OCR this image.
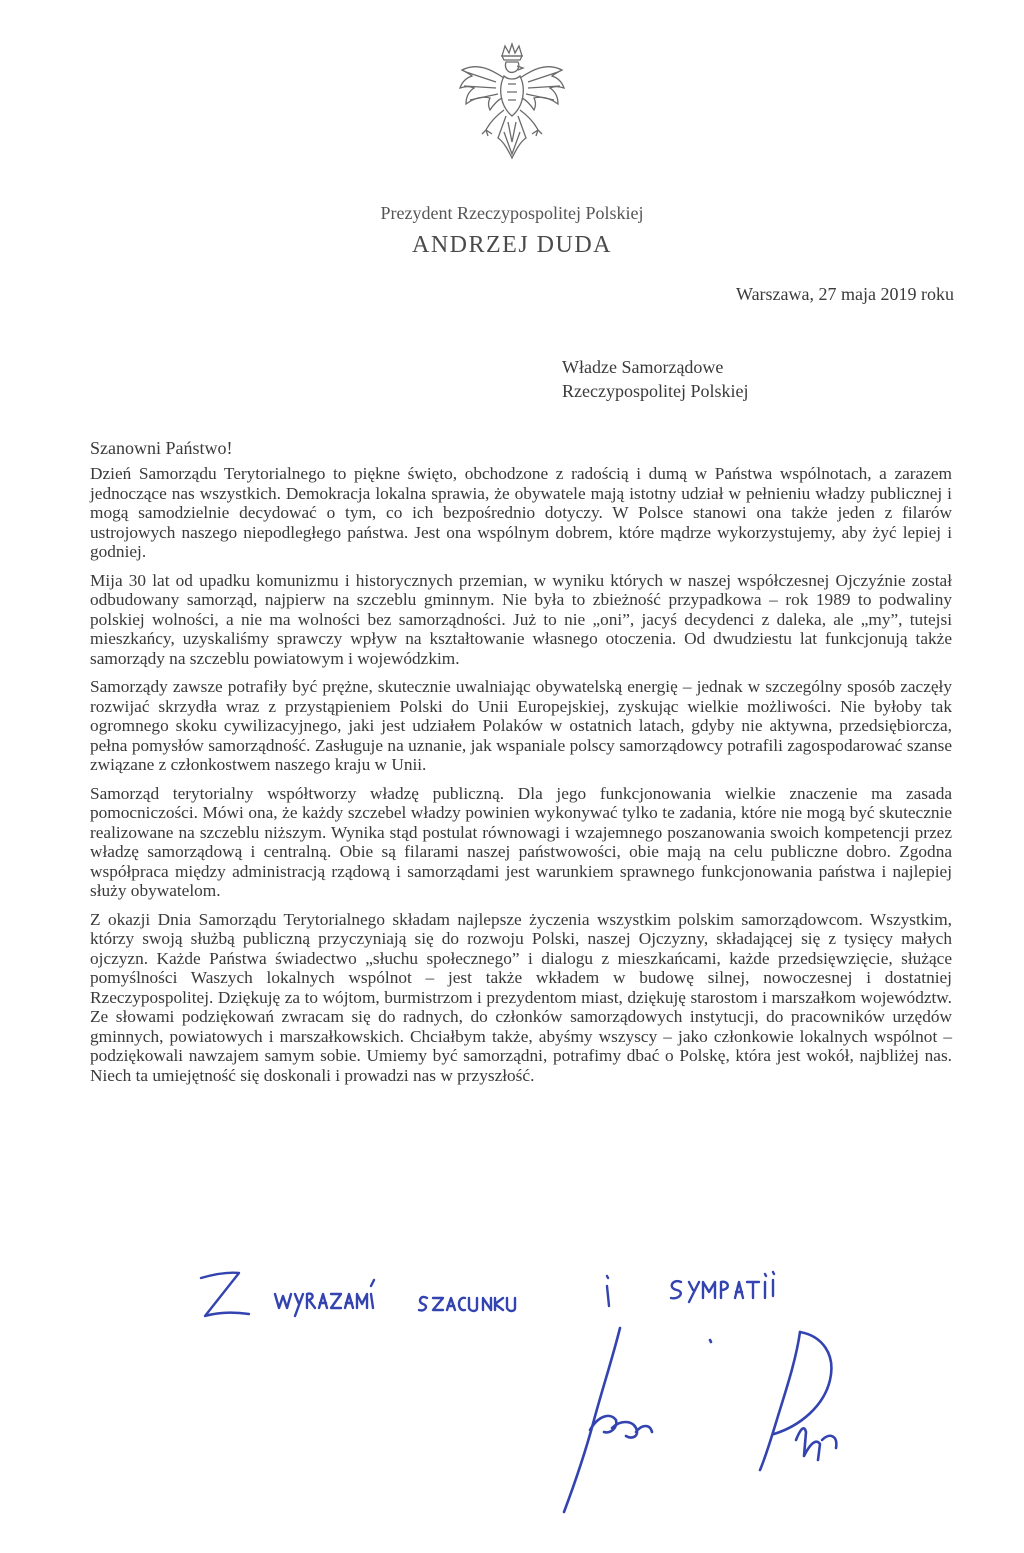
Prezydent Rzeczypospolitej Polskiej
ANDRZEJ DUDA
Warszawa, 27 maja 2019 roku
Władze Samorządowe
Rzeczypospolitej Polskiej
Szanowni Państwo!

Dzień Samorządu Terytorialnego to piękne święto, obchodzone z radością i dumą w Państwa wspólnotach, a zarazem jednoczące nas wszystkich. Demokracja lokalna sprawia, że obywatele mają istotny udział w pełnieniu władzy publicznej i mogą samodzielnie decydować o tym, co ich bezpośrednio dotyczy. W Polsce stanowi ona także jeden z filarów ustrojowych naszego niepodległego państwa. Jest ona wspólnym dobrem, które mądrze wykorzystujemy, aby żyć lepiej i godniej.

Mija 30 lat od upadku komunizmu i historycznych przemian, w wyniku których w naszej współczesnej Ojczyźnie został odbudowany samorząd, najpierw na szczeblu gminnym. Nie była to zbieżność przypadkowa – rok 1989 to podwaliny polskiej wolności, a nie ma wolności bez samorządności. Już to nie „oni”, jacyś decydenci z daleka, ale „my”, tutejsi mieszkańcy, uzyskaliśmy sprawczy wpływ na kształtowanie własnego otoczenia. Od dwudziestu lat funkcjonują także samorządy na szczeblu powiatowym i wojewódzkim.

Samorządy zawsze potrafiły być prężne, skutecznie uwalniając obywatelską energię – jednak w szczególny sposób zaczęły rozwijać skrzydła wraz z przystąpieniem Polski do Unii Europejskiej, zyskując wielkie możliwości. Nie byłoby tak ogromnego skoku cywilizacyjnego, jaki jest udziałem Polaków w ostatnich latach, gdyby nie aktywna, przedsiębiorcza, pełna pomysłów samorządność. Zasługuje na uznanie, jak wspaniale polscy samorządowcy potrafili zagospodarować szanse związane z członkostwem naszego kraju w Unii.

Samorząd terytorialny współtworzy władzę publiczną. Dla jego funkcjonowania wielkie znaczenie ma zasada pomocniczości. Mówi ona, że każdy szczebel władzy powinien wykonywać tylko te zadania, które nie mogą być skutecznie realizowane na szczeblu niższym. Wynika stąd postulat równowagi i wzajemnego poszanowania swoich kompetencji przez władzę samorządową i centralną. Obie są filarami naszej państwowości, obie mają na celu publiczne dobro. Zgodna współpraca między administracją rządową i samorządami jest warunkiem sprawnego funkcjonowania państwa i najlepiej służy obywatelom.

Z okazji Dnia Samorządu Terytorialnego składam najlepsze życzenia wszystkim polskim samorządowcom. Wszystkim, którzy swoją służbą publiczną przyczyniają się do rozwoju Polski, naszej Ojczyzny, składającej się z tysięcy małych ojczyzn. Każde Państwa świadectwo „słuchu społecznego” i dialogu z mieszkańcami, każde przedsięwzięcie, służące pomyślności Waszych lokalnych wspólnot – jest także wkładem w budowę silnej, nowoczesnej i dostatniej Rzeczypospolitej. Dziękuję za to wójtom, burmistrzom i prezydentom miast, dziękuję starostom i marszałkom województw. Ze słowami podziękowań zwracam się do radnych, do członków samorządowych instytucji, do pracowników urzędów gminnych, powiatowych i marszałkowskich. Chciałbym także, abyśmy wszyscy – jako członkowie lokalnych wspólnot – podziękowali nawzajem samym sobie. Umiemy być samorządni, potrafimy dbać o Polskę, która jest wokół, najbliżej nas. Niech ta umiejętność się doskonali i prowadzi nas w przyszłość.
